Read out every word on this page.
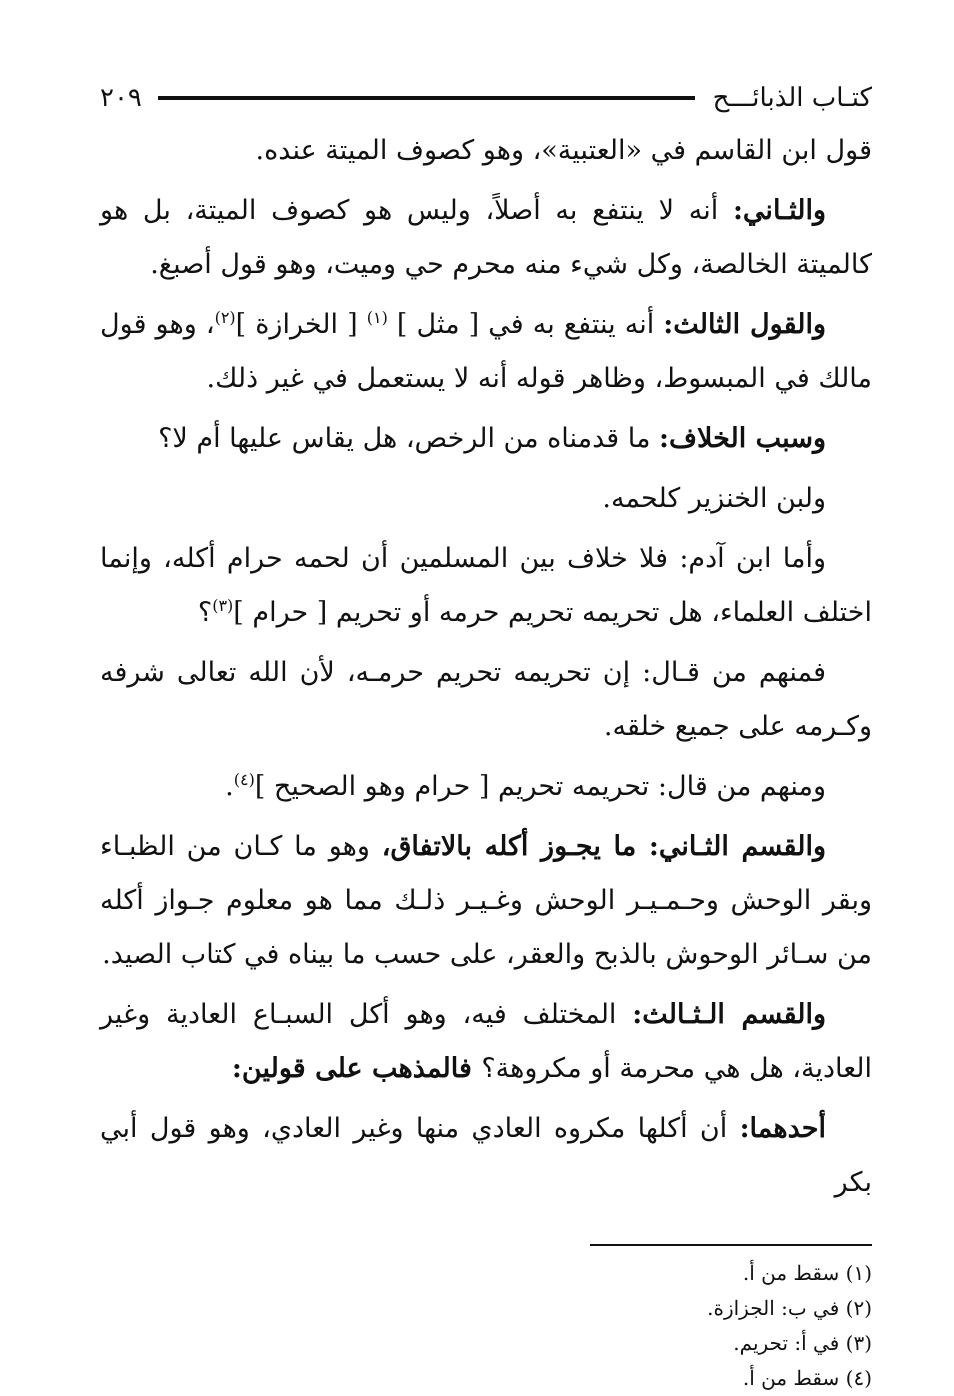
كتـاب الذبائـــح
٢٠٩

قول ابن القاسم في «العتبية»، وهو كصوف الميتة عنده.

والثـاني: أنه لا ينتفع به أصلاً، وليس هو كصوف الميتة، بل هو كالميتة الخالصة، وكل شيء منه محرم حي وميت، وهو قول أصبغ.

والقول الثالث: أنه ينتفع به في [ مثل ] $^{(١)}$ [ الخرازة ]$^{(٢)}$، وهو قول مالك في المبسوط، وظاهر قوله أنه لا يستعمل في غير ذلك.

وسبب الخلاف: ما قدمناه من الرخص، هل يقاس عليها أم لا؟

ولبن الخنزير كلحمه.

وأما ابن آدم: فلا خلاف بين المسلمين أن لحمه حرام أكله، وإنما اختلف العلماء، هل تحريمه تحريم حرمه أو تحريم [ حرام ]$^{(٣)}$؟

فمنهم من قـال: إن تحريمه تحريم حرمـه، لأن الله تعالى شرفه وكـرمه على جميع خلقه.

ومنهم من قال: تحريمه تحريم [ حرام وهو الصحيح ]$^{(٤)}$.

والقسم الثـاني: ما يجـوز أكله بالاتفاق، وهو ما كـان من الظبـاء وبقر الوحش وحـمـيـر الوحش وغـيـر ذلـك مما هو معلوم جـواز أكله من سـائر الوحوش بالذبح والعقر، على حسب ما بيناه في كتاب الصيد.

والقسم الـثـالث: المختلف فيه، وهو أكل السبـاع العادية وغير العادية، هل هي محرمة أو مكروهة؟ فالمذهب على قولين:

أحدهما: أن أكلها مكروه العادي منها وغير العادي، وهو قول أبي بكر

(١) سقط من أ.

(٢) في ب: الجزازة.

(٣) في أ: تحريم.

(٤) سقط من أ.
